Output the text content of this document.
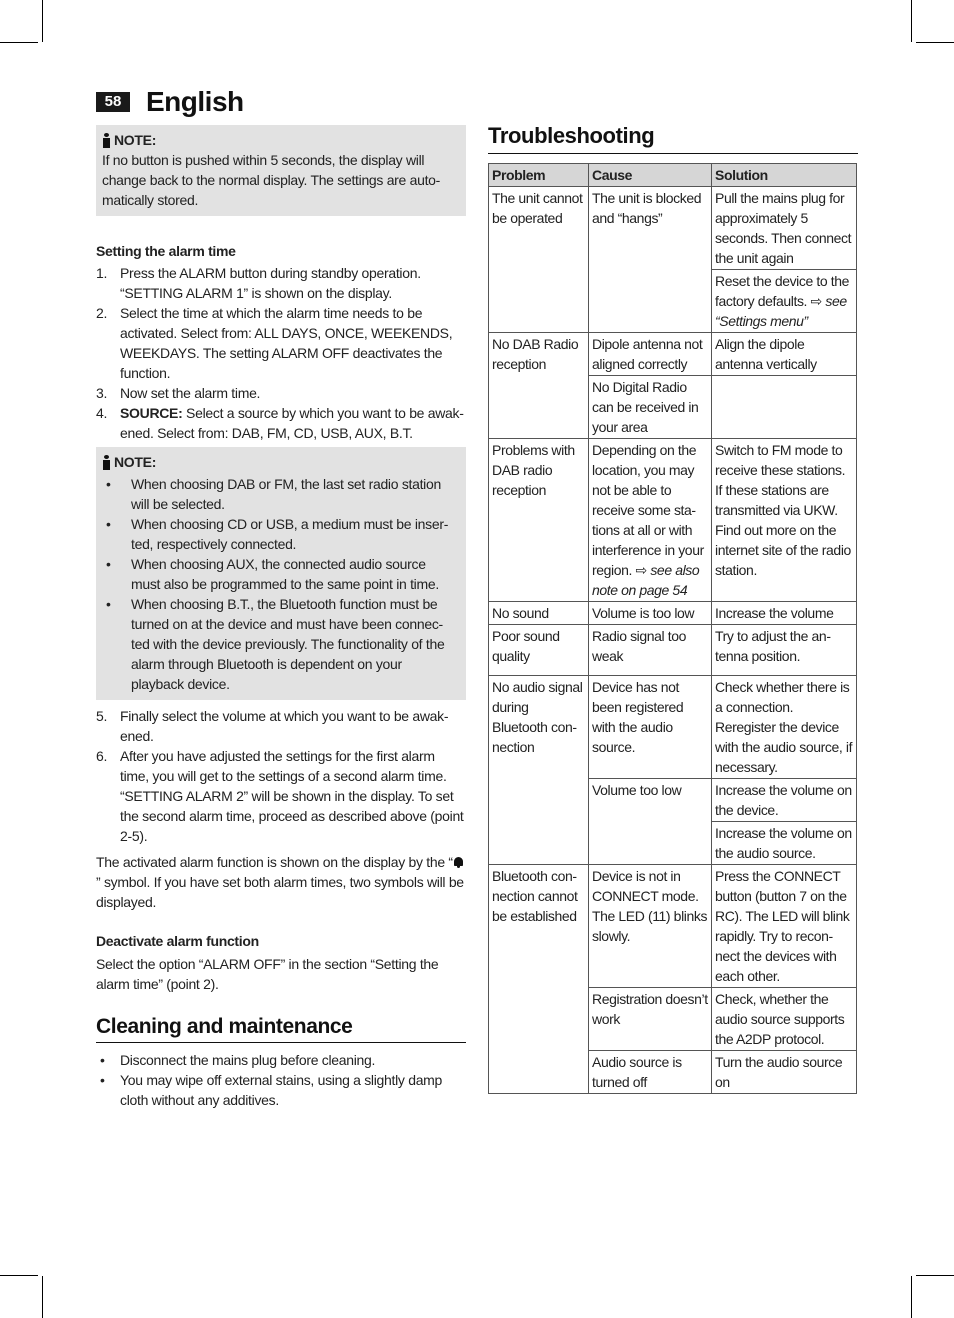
58 English
NOTE:
If no button is pushed within 5 seconds, the display will change back to the normal display. The settings are auto-matically stored.
Setting the alarm time
1. Press the ALARM button during standby operation. “SETTING ALARM 1” is shown on the display.
2. Select the time at which the alarm time needs to be activated. Select from: ALL DAYS, ONCE, WEEKENDS, WEEKDAYS. The setting ALARM OFF deactivates the function.
3. Now set the alarm time.
4. SOURCE: Select a source by which you want to be awak-ened. Select from: DAB, FM, CD, USB, AUX, B.T.
NOTE:
•	When choosing DAB or FM, the last set radio station will be selected.
•	When choosing CD or USB, a medium must be inser-ted, respectively connected.
•	When choosing AUX, the connected audio source must also be programmed to the same point in time.
•	When choosing B.T., the Bluetooth function must be turned on at the device and must have been connec-ted with the device previously. The functionality of the alarm through Bluetooth is dependent on your playback device.
5. Finally select the volume at which you want to be awak-ened.
6. After you have adjusted the settings for the first alarm time, you will get to the settings of a second alarm time. “SETTING ALARM 2” will be shown in the display. To set the second alarm time, proceed as described above (point 2-5).
The activated alarm function is shown on the display by the “” symbol. If you have set both alarm times, two symbols will be displayed.
Deactivate alarm function
Select the option “ALARM OFF” in the section “Setting the alarm time” (point 2).
Cleaning and maintenance
•	Disconnect the mains plug before cleaning.
•	You may wipe off external stains, using a slightly damp cloth without any additives.
Troubleshooting
Problem	Cause	Solution
The unit cannot be operated	The unit is blocked and “hangs”	Pull the mains plug for approximately 5 seconds. Then connect the unit again
		Reset the device to the factory defaults. ⇨ see “Settings menu”
No DAB Radio reception	Dipole antenna not aligned correctly	Align the dipole antenna vertically
	No Digital Radio can be received in your area	
Problems with DAB radio reception	Depending on the location, you may not be able to receive some sta-tions at all or with interference in your region. ⇨ see also note on page 54	Switch to FM mode to receive these stations. If these stations are transmitted via UKW. Find out more on the internet site of the radio station.
No sound	Volume is too low	Increase the volume
Poor sound quality	Radio signal too weak	Try to adjust the an-tenna position.
No audio signal during Bluetooth con-nection	Device has not been registered with the audio source.	Check whether there is a connection. Reregister the device with the audio source, if necessary.
	Volume too low	Increase the volume on the device.
		Increase the volume on the audio source.
Bluetooth con-nection cannot be established	Device is not in CONNECT mode. The LED (11) blinks slowly.	Press the CONNECT button (button 7 on the RC). The LED will blink rapidly. Try to recon-nect the devices with each other.
	Registration doesn’t work	Check, whether the audio source supports the A2DP protocol.
	Audio source is turned off	Turn the audio source on
